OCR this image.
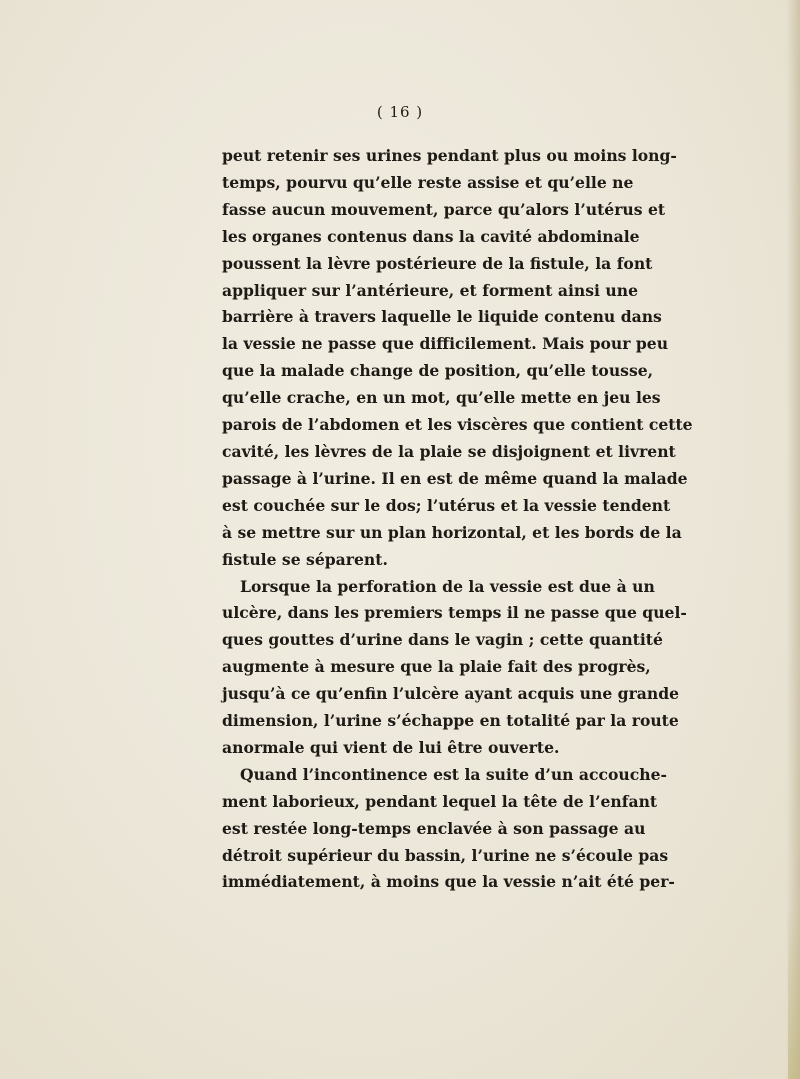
( 16 )
peut retenir ses urines pendant plus ou moins long-
temps, pourvu qu’elle reste assise et qu’elle ne
fasse aucun mouvement, parce qu’alors l’utérus et
les organes contenus dans la cavité abdominale
poussent la lèvre postérieure de la fistule, la font
appliquer sur l’antérieure, et forment ainsi une
barrière à travers laquelle le liquide contenu dans
la vessie ne passe que difficilement. Mais pour peu
que la malade change de position, qu’elle tousse,
qu’elle crache, en un mot, qu’elle mette en jeu les
parois de l’abdomen et les viscères que contient cette
cavité, les lèvres de la plaie se disjoignent et livrent
passage à l’urine. Il en est de même quand la malade
est couchée sur le dos; l’utérus et la vessie tendent
à se mettre sur un plan horizontal, et les bords de la
fistule se séparent.
Lorsque la perforation de la vessie est due à un
ulcère, dans les premiers temps il ne passe que quel-
ques gouttes d’urine dans le vagin ; cette quantité
augmente à mesure que la plaie fait des progrès,
jusqu’à ce qu’enfin l’ulcère ayant acquis une grande
dimension, l’urine s’échappe en totalité par la route
anormale qui vient de lui être ouverte.
Quand l’incontinence est la suite d’un accouche-
ment laborieux, pendant lequel la tête de l’enfant
est restée long-temps enclavée à son passage au
détroit supérieur du bassin, l’urine ne s’écoule pas
immédiatement, à moins que la vessie n’ait été per-
